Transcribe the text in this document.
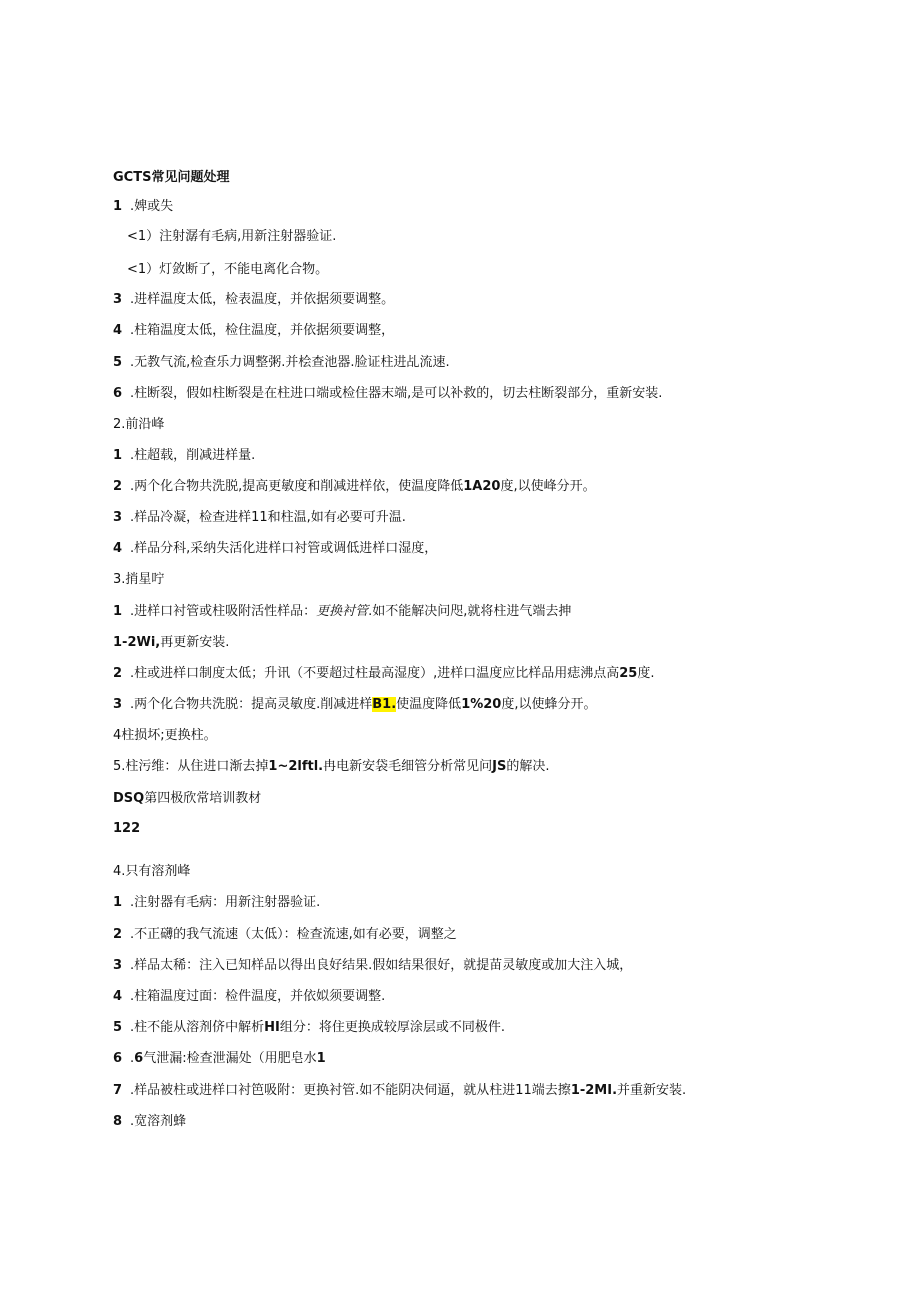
GCTS常见问题处理
1 .婢或失
<1）注射潺有毛病,用新注射器验证.
<1）灯敛断了，不能电离化合物。
3 .进样温度太低，检表温度，并依据须要调整。
4 .柱箱温度太低，检住温度，并依据须要调整，
5 .无教气流,检查乐力调整粥.并桧查池器.脸证柱进乩流速.
6 .柱断裂，假如柱断裂是在柱进口端或检住器末端,是可以补救的，切去柱断裂部分，重新安装.
2.前沿峰
1 .柱超载，削减进样量.
2 .两个化合物共洗脱,提高更敏度和削减进样依，使温度降低1A20度,以使峰分开。
3 .样品冷凝，检查进样11和柱温,如有必要可升温.
4 .样品分科,采纳失活化进样口衬管或调低进样口湿度，
3.捎星咛
1 .进样口衬管或柱吸附活性样品：更换衬管.如不能解决问咫,就将柱进气端去抻
1-2Wi,再更新安装.
2 .柱或进样口制度太低；升讯（不要超过柱最高湿度）,进样口温度应比样品用痣沸点高25度.
3 .两个化合物共洗脱：提高灵敏度.削减进样B1.使温度降低1%20度,以使蜂分开。
4柱损坏;更换柱。
5.柱污维：从住进口渐去掉1~2lftl.冉电新安袋毛细管分析常见问JS的解决.
DSQ第四极欣常培训教材
122
4.只有溶剂峰
1 .注射器有毛病：用新注射器验证.
2 .不正礴的我气流速（太低）：检查流速,如有必要，调整之
3 .样品太稀：注入已知样品以得出良好结果.假如结果很好，就提苗灵敏度或加大注入城，
4 .柱箱温度过面：检件温度，并依姒须要调整.
5 .柱不能从溶剂侪中解析HI组分：将住更换成较厚涂层或不同极件.
6 .6气泄漏:检查泄漏处（用肥皂水1
7 .样品被柱或进样口衬笆吸附：更换衬管.如不能阴决伺逼，就从柱进11端去擦1-2MI.并重新安装.
8 .宽溶剂蜂
